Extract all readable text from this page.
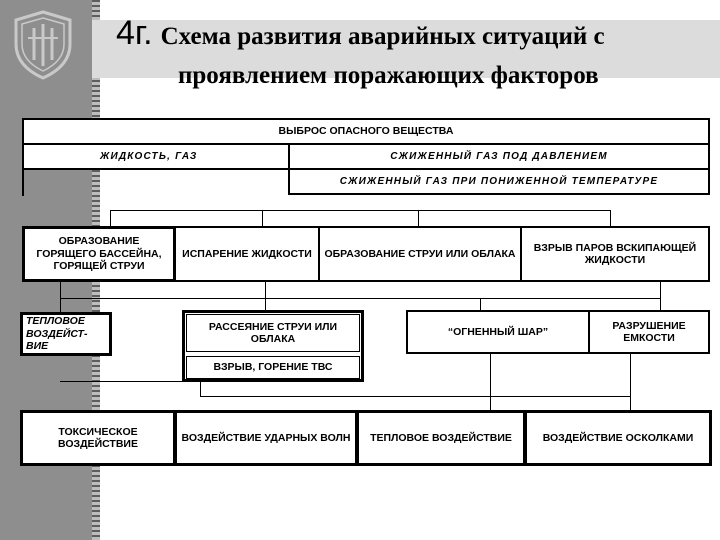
4г. Схема развития аварийных ситуаций с
проявлением поражающих факторов
ВЫБРОС ОПАСНОГО ВЕЩЕСТВА
ЖИДКОСТЬ, ГАЗ	СЖИЖЕННЫЙ ГАЗ ПОД ДАВЛЕНИЕМ
СЖИЖЕННЫЙ ГАЗ ПРИ ПОНИЖЕННОЙ ТЕМПЕРАТУРЕ
ОБРАЗОВАНИЕ ГОРЯЩЕГО БАССЕЙНА, ГОРЯЩЕЙ СТРУИ
ИСПАРЕНИЕ ЖИДКОСТИ	ОБРАЗОВАНИЕ СТРУИ ИЛИ ОБЛАКА
ВЗРЫВ ПАРОВ ВСКИПАЮЩЕЙ ЖИДКОСТИ
ТЕПЛОВОЕ ВОЗДЕЙСТ-ВИЕ
РАССЕЯНИЕ СТРУИ ИЛИ ОБЛАКА
ВЗРЫВ, ГОРЕНИЕ ТВС
“ОГНЕННЫЙ ШАР”
РАЗРУШЕНИЕ ЕМКОСТИ
ТОКСИЧЕСКОЕ ВОЗДЕЙСТВИЕ
ВОЗДЕЙСТВИЕ УДАРНЫХ ВОЛН	ТЕПЛОВОЕ ВОЗДЕЙСТВИЕ	ВОЗДЕЙСТВИЕ ОСКОЛКАМИ
